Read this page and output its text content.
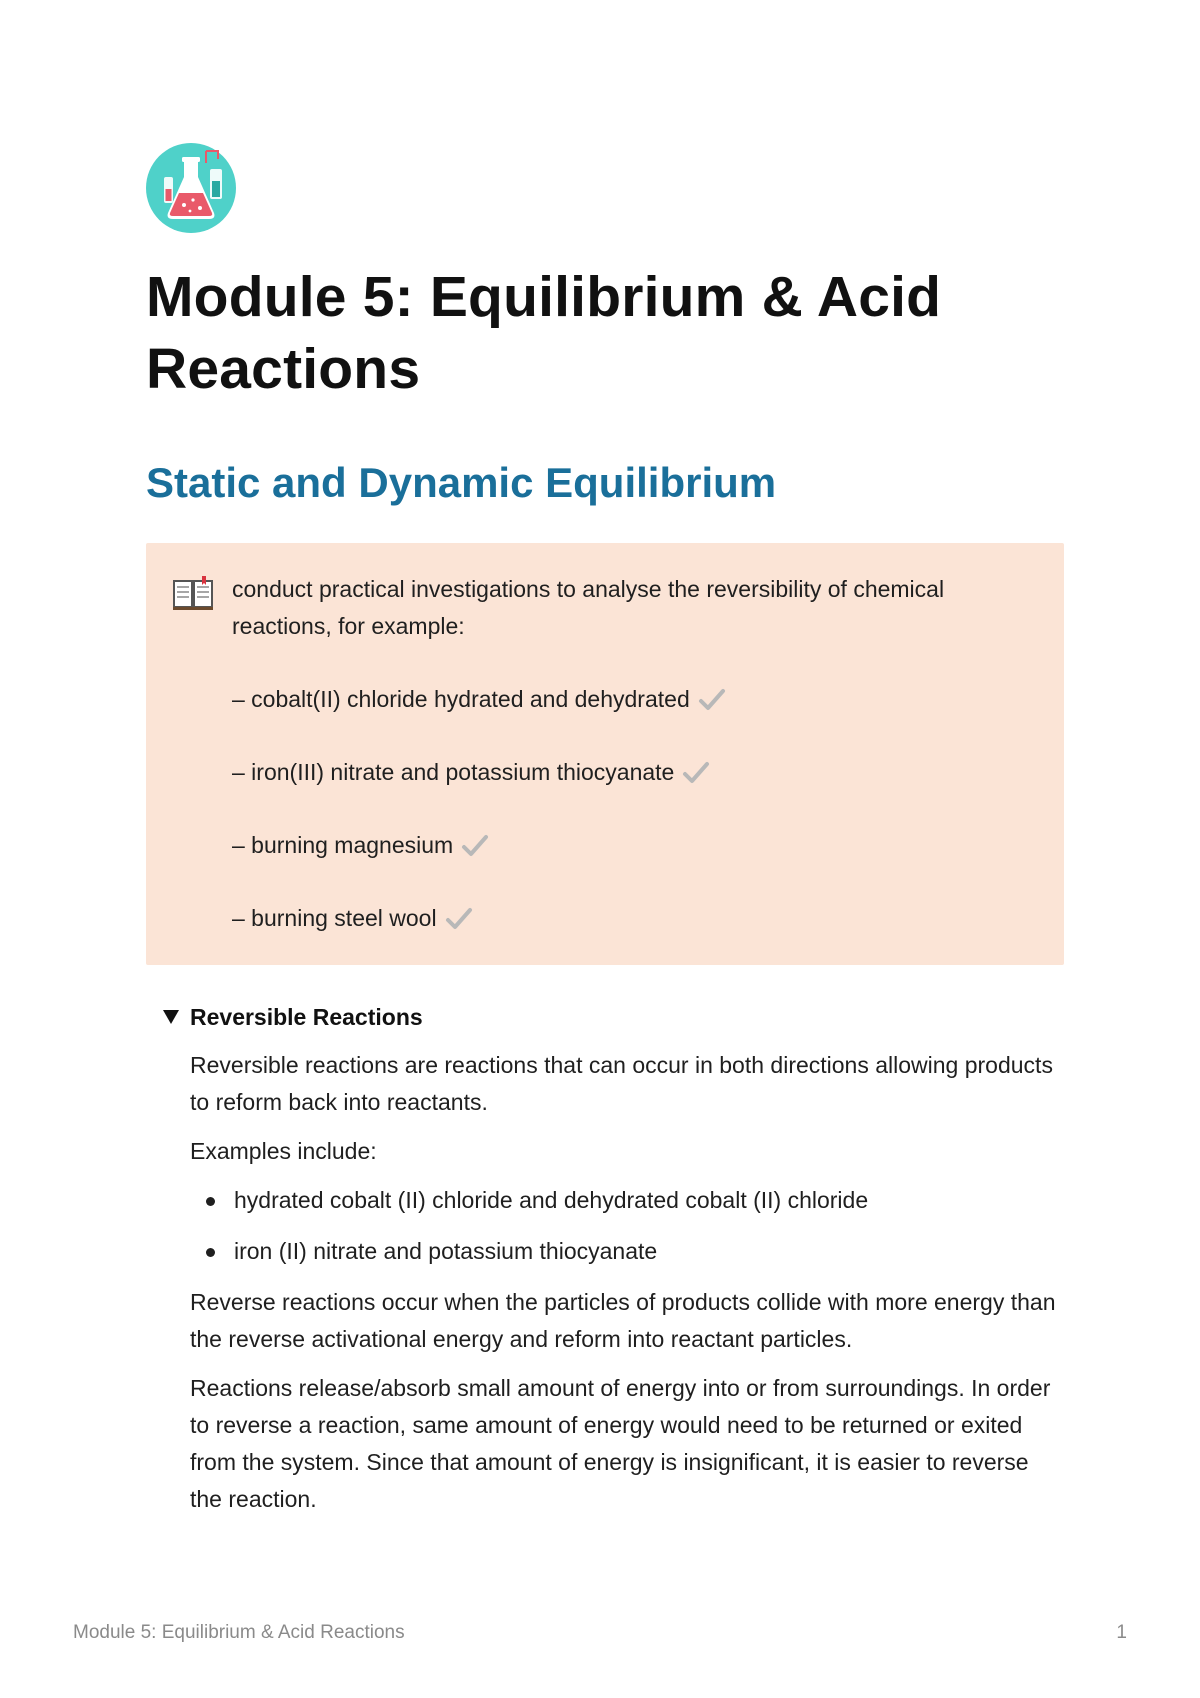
Module 5: Equilibrium & Acid Reactions
Static and Dynamic Equilibrium

conduct practical investigations to analyse the reversibility of chemical reactions, for example:

– cobalt(II) chloride hydrated and dehydrated
– iron(III) nitrate and potassium thiocyanate
– burning magnesium
– burning steel wool
Reversible Reactions

Reversible reactions are reactions that can occur in both directions allowing products to reform back into reactants.

Examples include:

hydrated cobalt (II) chloride and dehydrated cobalt (II) chloride
iron (II) nitrate and potassium thiocyanate

Reverse reactions occur when the particles of products collide with more energy than the reverse activational energy and reform into reactant particles.

Reactions release/absorb small amount of energy into or from surroundings. In order to reverse a reaction, same amount of energy would need to be returned or exited from the system. Since that amount of energy is insignificant, it is easier to reverse the reaction.

Module 5: Equilibrium & Acid Reactions	1
